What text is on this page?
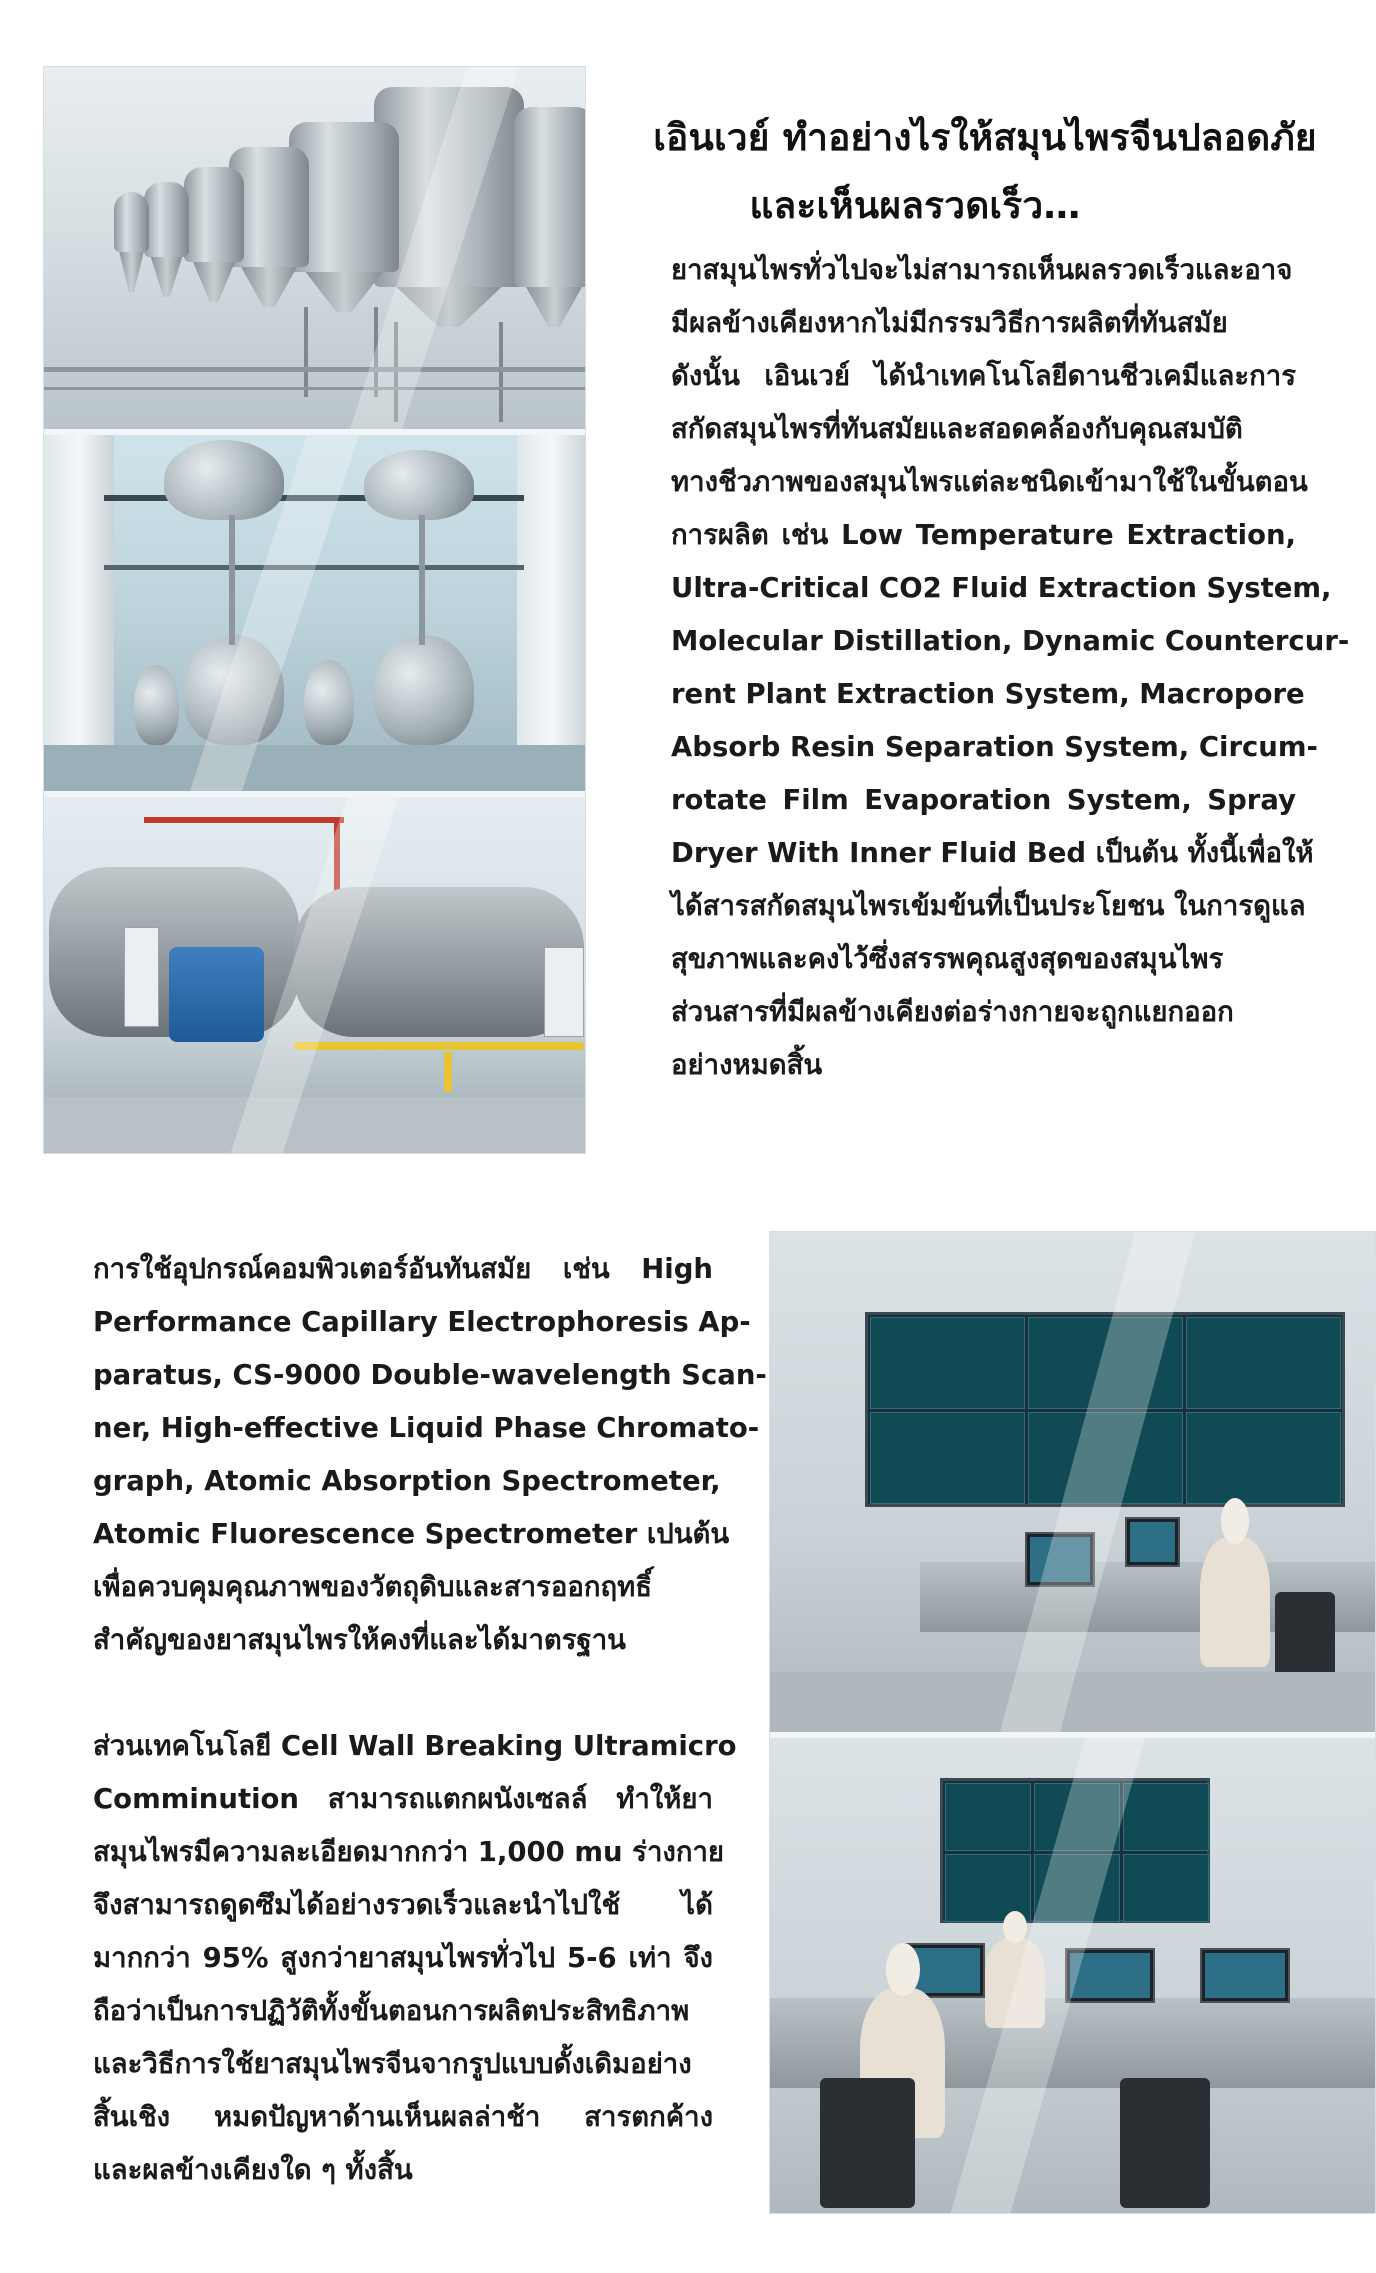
เอินเวย์ ทำอย่างไรให้สมุนไพรจีนปลอดภัย
และเห็นผลรวดเร็ว…
ยาสมุนไพรทั่วไปจะไม่สามารถเห็นผลรวดเร็วและอาจ
มีผลข้างเคียงหากไม่มีกรรมวิธีการผลิตที่ทันสมัย
ดังนั้น เอินเวย์ ได้นำเทคโนโลยีดานชีวเคมีและการ
สกัดสมุนไพรที่ทันสมัยและสอดคล้องกับคุณสมบัติ
ทางชีวภาพของสมุนไพรแต่ละชนิดเข้ามาใช้ในขั้นตอน
การผลิต เช่น Low Temperature Extraction,
Ultra-Critical CO2 Fluid Extraction System,
Molecular Distillation, Dynamic Countercur-
rent Plant Extraction System, Macropore
Absorb Resin Separation System, Circum-
rotate Film Evaporation System, Spray
Dryer With Inner Fluid Bed เป็นต้น ทั้งนี้เพื่อให้
ได้สารสกัดสมุนไพรเข้มข้นที่เป็นประโยชน ในการดูแล
สุขภาพและคงไว้ซึ่งสรรพคุณสูงสุดของสมุนไพร
ส่วนสารที่มีผลข้างเคียงต่อร่างกายจะถูกแยกออก
อย่างหมดสิ้น
การใช้อุปกรณ์คอมพิวเตอร์อันทันสมัย เช่น High
Performance Capillary Electrophoresis Ap-
paratus, CS-9000 Double-wavelength Scan-
ner, High-effective Liquid Phase Chromato-
graph, Atomic Absorption Spectrometer,
Atomic Fluorescence Spectrometer เปนต้น
เพื่อควบคุมคุณภาพของวัตถุดิบและสารออกฤทธิ์
สำคัญของยาสมุนไพรให้คงที่และได้มาตรฐาน
ส่วนเทคโนโลยี Cell Wall Breaking Ultramicro
Comminution สามารถแตกผนังเซลล์ ทำให้ยา
สมุนไพรมีความละเอียดมากกว่า 1,000 mu ร่างกาย
จึงสามารถดูดซึมได้อย่างรวดเร็วและนำไปใช้ ได้
มากกว่า 95% สูงกว่ายาสมุนไพรทั่วไป 5-6 เท่า จึง
ถือว่าเป็นการปฏิวัติทั้งขั้นตอนการผลิตประสิทธิภาพ
และวิธีการใช้ยาสมุนไพรจีนจากรูปแบบดั้งเดิมอย่าง
สิ้นเชิง หมดปัญหาด้านเห็นผลล่าช้า สารตกค้าง
และผลข้างเคียงใด ๆ ทั้งสิ้น
